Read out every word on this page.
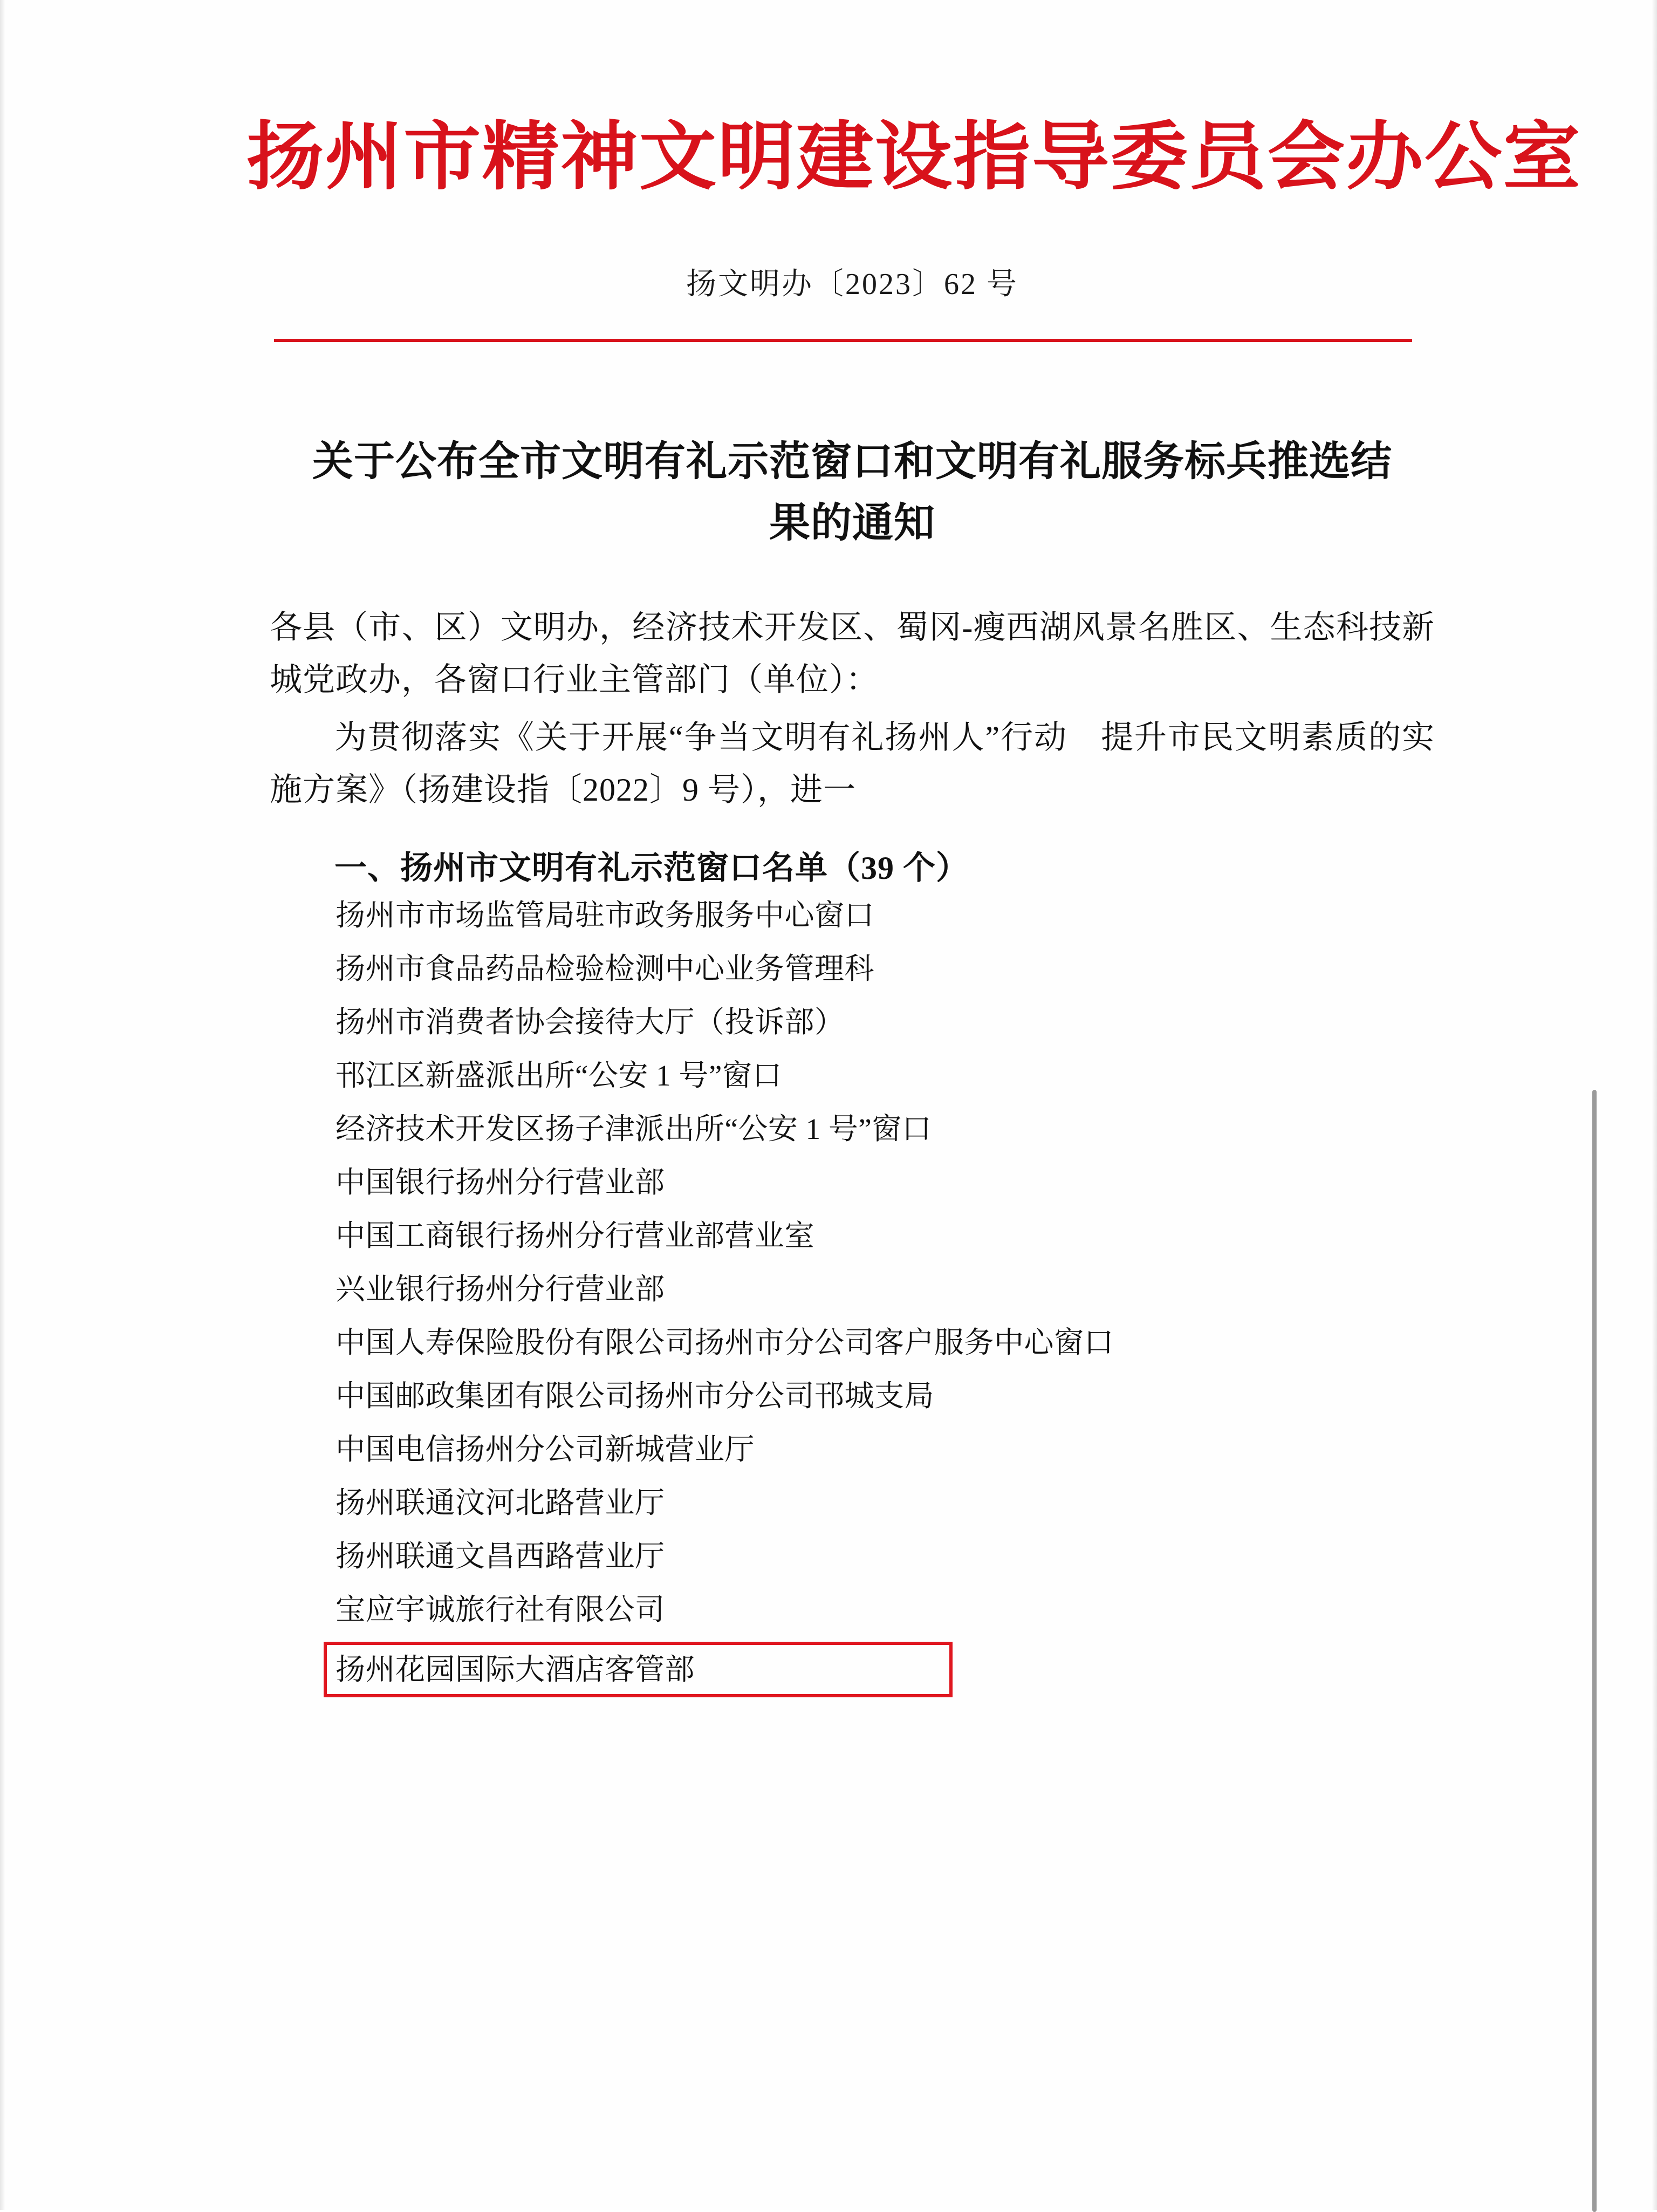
扬州市精神文明建设指导委员会办公室
扬文明办〔2023〕62 号
关于公布全市文明有礼示范窗口和文明有礼服务标兵推选结果的通知
各县（市、区）文明办，经济技术开发区、蜀冈-瘦西湖风景名胜区、生态科技新城党政办，各窗口行业主管部门（单位）：
为贯彻落实《关于开展“争当文明有礼扬州人”行动　提升市民文明素质的实施方案》（扬建设指〔2022〕9 号），进一
一、扬州市文明有礼示范窗口名单（39 个）
扬州市市场监管局驻市政务服务中心窗口
扬州市食品药品检验检测中心业务管理科
扬州市消费者协会接待大厅（投诉部）
邗江区新盛派出所“公安 1 号”窗口
经济技术开发区扬子津派出所“公安 1 号”窗口
中国银行扬州分行营业部
中国工商银行扬州分行营业部营业室
兴业银行扬州分行营业部
中国人寿保险股份有限公司扬州市分公司客户服务中心窗口
中国邮政集团有限公司扬州市分公司邗城支局
中国电信扬州分公司新城营业厅
扬州联通汶河北路营业厅
扬州联通文昌西路营业厅
宝应宇诚旅行社有限公司
扬州花园国际大酒店客管部
